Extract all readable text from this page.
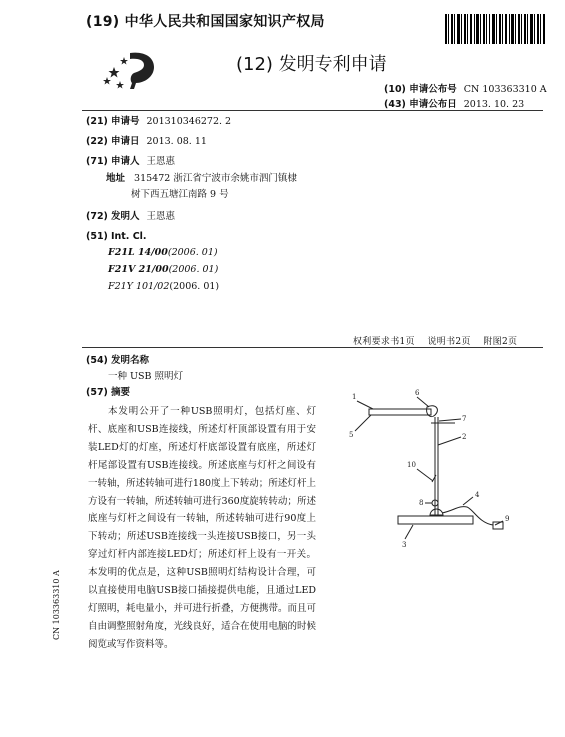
(19) 中华人民共和国国家知识产权局
(12) 发明专利申请
(10) 申请公布号 CN 103363310 A
(43) 申请公布日 2013. 10. 23
(21) 申请号 201310346272. 2
(22) 申请日 2013. 08. 11
(71) 申请人 王恩惠
地址 315472 浙江省宁波市余姚市泗门镇棣
树下西五塘江南路 9 号
(72) 发明人 王恩惠
(51) Int. Cl.
F21L 14/00(2006. 01)
F21V 21/00(2006. 01)
F21Y 101/02(2006. 01)
权利要求书1页    说明书2页    附图2页
(54) 发明名称
一种 USB 照明灯
(57) 摘要
本发明公开了一种USB照明灯，包括灯座、灯杆、底座和USB连接线，所述灯杆顶部设置有用于安装LED灯的灯座，所述灯杆底部设置有底座，所述灯杆尾部设置有USB连接线。所述底座与灯杆之间设有一转轴，所述转轴可进行180度上下转动；所述灯杆上方设有一转轴，所述转轴可进行360度旋转转动；所述底座与灯杆之间设有一转轴，所述转轴可进行90度上下转动；所述USB连接线一头连接USB接口，另一头穿过灯杆内部连接LED灯；所述灯杆上设有一开关。本发明的优点是，这种USB照明灯结构设计合理，可以直接使用电脑USB接口插接提供电能，且通过LED灯照明，耗电量小，并可进行折叠，方便携带。而且可自由调整照射角度，光线良好，适合在使用电脑的时候阅览或写作资料等。
1	6
7
5	2
10
8
4
9
3
CN 103363310 A
